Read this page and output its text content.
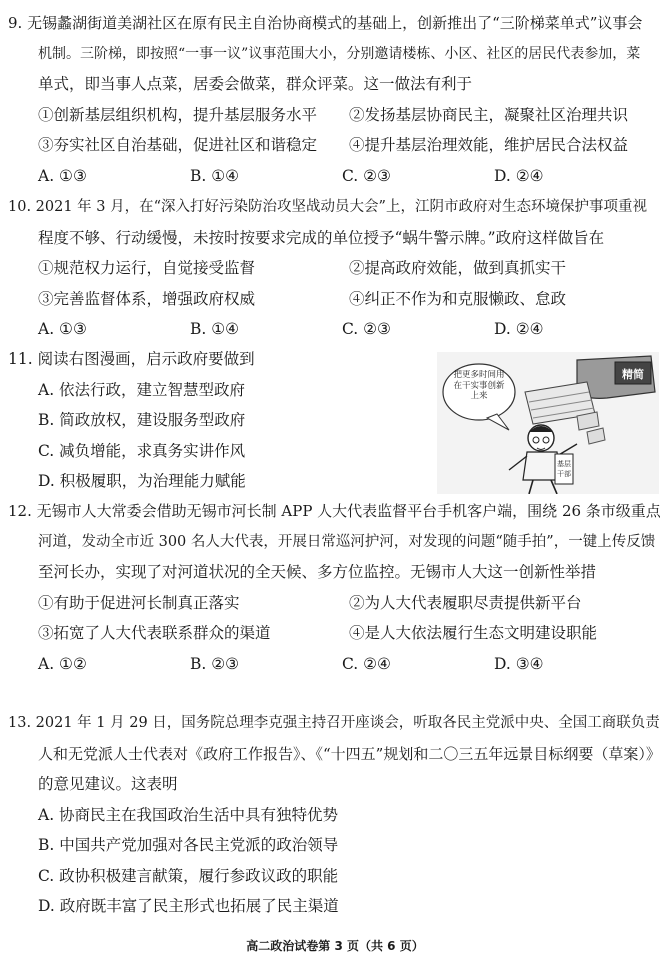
9. 无锡蠡湖街道美湖社区在原有民主自治协商模式的基础上，创新推出了“三阶梯菜单式”议事会
机制。三阶梯，即按照“一事一议”议事范围大小，分别邀请楼栋、小区、社区的居民代表参加，菜
单式，即当事人点菜，居委会做菜，群众评菜。这一做法有利于
①创新基层组织机构，提升基层服务水平	②发扬基层协商民主，凝聚社区治理共识
③夯实社区自治基础，促进社区和谐稳定	④提升基层治理效能，维护居民合法权益
A. ①③	B. ①④	C. ②③	D. ②④
10. 2021 年 3 月，在“深入打好污染防治攻坚战动员大会”上，江阴市政府对生态环境保护事项重视
程度不够、行动缓慢，未按时按要求完成的单位授予“蜗牛警示牌。”政府这样做旨在
①规范权力运行，自觉接受监督	②提高政府效能，做到真抓实干
③完善监督体系，增强政府权威	④纠正不作为和克服懒政、怠政
A. ①③	B. ①④	C. ②③	D. ②④
11. 阅读右图漫画，启示政府要做到
A. 依法行政，建立智慧型政府
B. 简政放权，建设服务型政府
C. 减负增能，求真务实讲作风
D. 积极履职，为治理能力赋能
精简
把更多时间用在干实事创新上来
基层
干部
12. 无锡市人大常委会借助无锡市河长制 APP 人大代表监督平台手机客户端，围绕 26 条市级重点
河道，发动全市近 300 名人大代表，开展日常巡河护河，对发现的问题“随手拍”，一键上传反馈
至河长办，实现了对河道状况的全天候、多方位监控。无锡市人大这一创新性举措
①有助于促进河长制真正落实	②为人大代表履职尽责提供新平台
③拓宽了人大代表联系群众的渠道	④是人大依法履行生态文明建设职能
A. ①②	B. ②③	C. ②④	D. ③④
13. 2021 年 1 月 29 日，国务院总理李克强主持召开座谈会，听取各民主党派中央、全国工商联负责
人和无党派人士代表对《政府工作报告》、《“十四五”规划和二〇三五年远景目标纲要（草案）》
的意见建议。这表明
A. 协商民主在我国政治生活中具有独特优势
B. 中国共产党加强对各民主党派的政治领导
C. 政协积极建言献策，履行参政议政的职能
D. 政府既丰富了民主形式也拓展了民主渠道
高二政治试卷第 3 页（共 6 页）
